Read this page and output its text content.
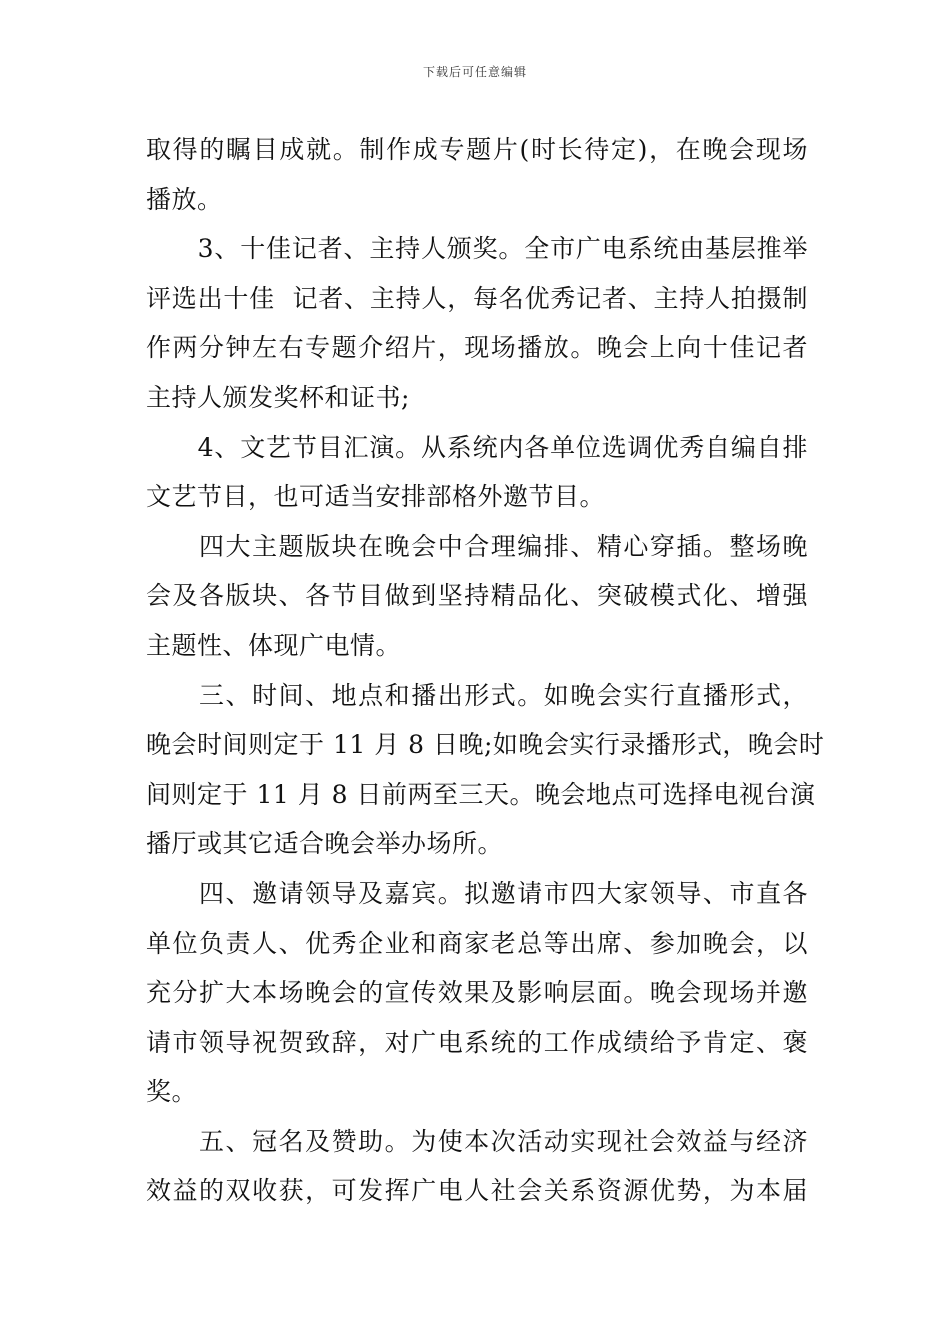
下载后可任意编辑
取得的瞩目成就。制作成专题片(时长待定)，在晚会现场
播放。
　　3、十佳记者、主持人颁奖。全市广电系统由基层推举
评选出十佳  记者、主持人，每名优秀记者、主持人拍摄制
作两分钟左右专题介绍片，现场播放。晚会上向十佳记者
主持人颁发奖杯和证书;
　　4、文艺节目汇演。从系统内各单位选调优秀自编自排
文艺节目，也可适当安排部格外邀节目。
　　四大主题版块在晚会中合理编排、精心穿插。整场晚
会及各版块、各节目做到坚持精品化、突破模式化、增强
主题性、体现广电情。
　　三、时间、地点和播出形式。如晚会实行直播形式，
晚会时间则定于 11 月 8 日晚;如晚会实行录播形式，晚会时
间则定于 11 月 8 日前两至三天。晚会地点可选择电视台演
播厅或其它适合晚会举办场所。
　　四、邀请领导及嘉宾。拟邀请市四大家领导、市直各
单位负责人、优秀企业和商家老总等出席、参加晚会，以
充分扩大本场晚会的宣传效果及影响层面。晚会现场并邀
请市领导祝贺致辞，对广电系统的工作成绩给予肯定、褒
奖。
　　五、冠名及赞助。为使本次活动实现社会效益与经济
效益的双收获，可发挥广电人社会关系资源优势，为本届
